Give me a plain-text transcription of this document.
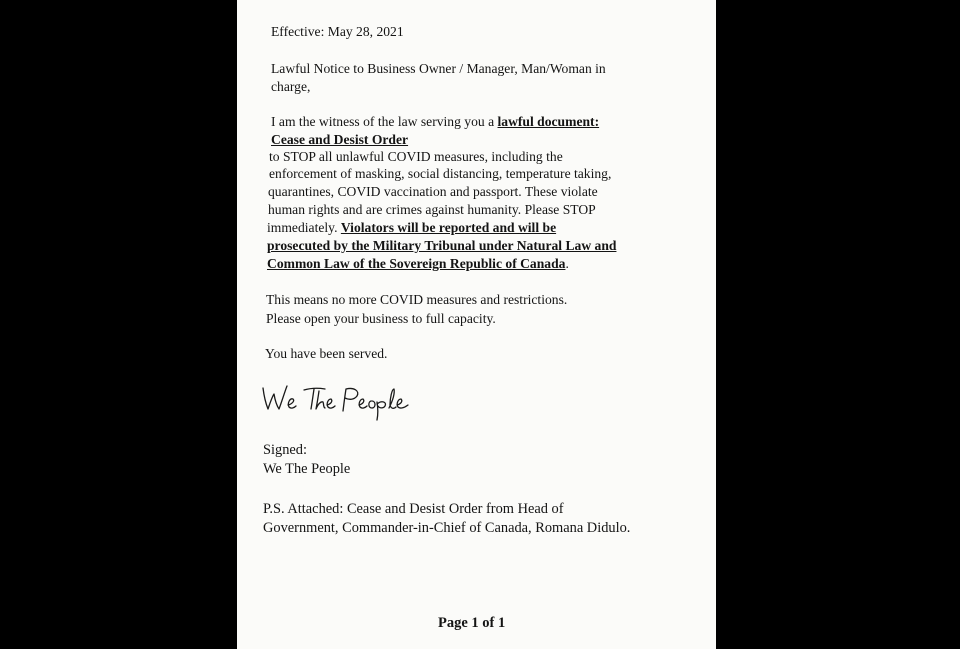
Effective: May 28, 2021
Lawful Notice to Business Owner / Manager, Man/Woman in
charge,
I am the witness of the law serving you a lawful document:
Cease and Desist Order
to STOP all unlawful COVID measures, including the
enforcement of masking, social distancing, temperature taking,
quarantines, COVID vaccination and passport. These violate
human rights and are crimes against humanity. Please STOP
immediately. Violators will be reported and will be
prosecuted by the Military Tribunal under Natural Law and
Common Law of the Sovereign Republic of Canada.
This means no more COVID measures and restrictions.
Please open your business to full capacity.
You have been served.
Signed:
We The People
P.S. Attached: Cease and Desist Order from Head of
Government, Commander-in-Chief of Canada, Romana Didulo.
Page 1 of 1
